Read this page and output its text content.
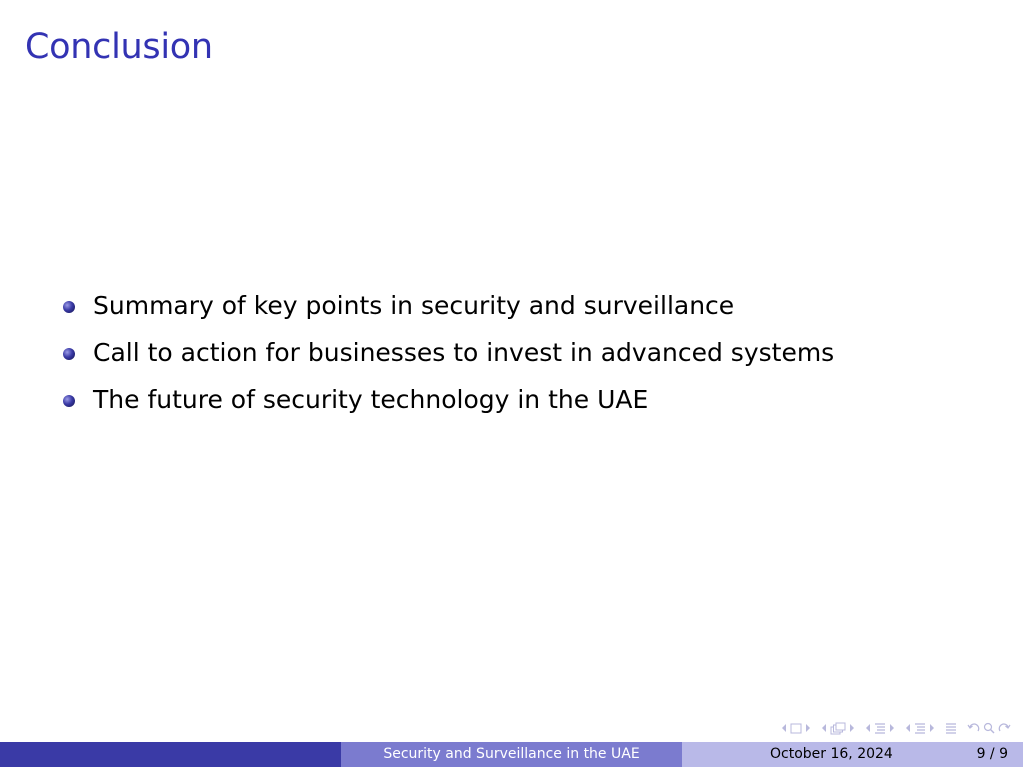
Conclusion
Summary of key points in security and surveillance
Call to action for businesses to invest in advanced systems
The future of security technology in the UAE
Security and Surveillance in the UAE	October 16, 2024	9 / 9
